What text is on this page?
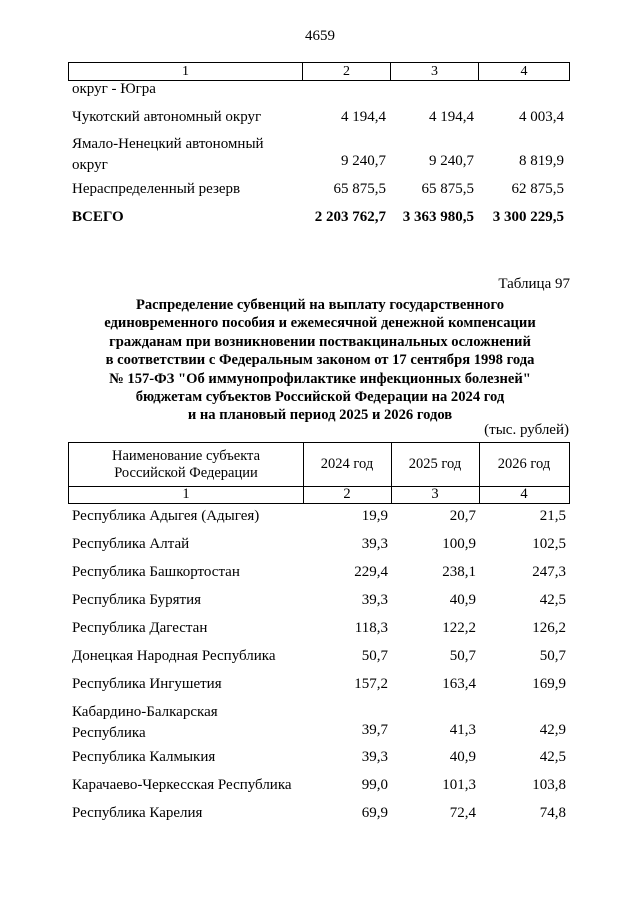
4659
1	2	3	4
округ - Югра
Чукотский автономный округ	4 194,4	4 194,4	4 003,4
Ямало-Ненецкий автономный
округ	9 240,7	9 240,7	8 819,9
Нераспределенный резерв	65 875,5	65 875,5	62 875,5
ВСЕГО	2 203 762,7	3 363 980,5	3 300 229,5
Таблица 97
Распределение субвенций на выплату государственного
единовременного пособия и ежемесячной денежной компенсации
гражданам при возникновении поствакцинальных осложнений
в соответствии с Федеральным законом от 17 сентября 1998 года
№ 157-ФЗ "Об иммунопрофилактике инфекционных болезней"
бюджетам субъектов Российской Федерации на 2024 год
и на плановый период 2025 и 2026 годов
(тыс. рублей)
Наименование субъекта
Российской Федерации
2024 год	2025 год	2026 год
1	2	3	4
Республика Адыгея (Адыгея)	19,9	20,7	21,5
Республика Алтай	39,3	100,9	102,5
Республика Башкортостан	229,4	238,1	247,3
Республика Бурятия	39,3	40,9	42,5
Республика Дагестан	118,3	122,2	126,2
Донецкая Народная Республика	50,7	50,7	50,7
Республика Ингушетия	157,2	163,4	169,9
Кабардино-Балкарская
Республика	39,7	41,3	42,9
Республика Калмыкия	39,3	40,9	42,5
Карачаево-Черкесская Республика	99,0	101,3	103,8
Республика Карелия	69,9	72,4	74,8
